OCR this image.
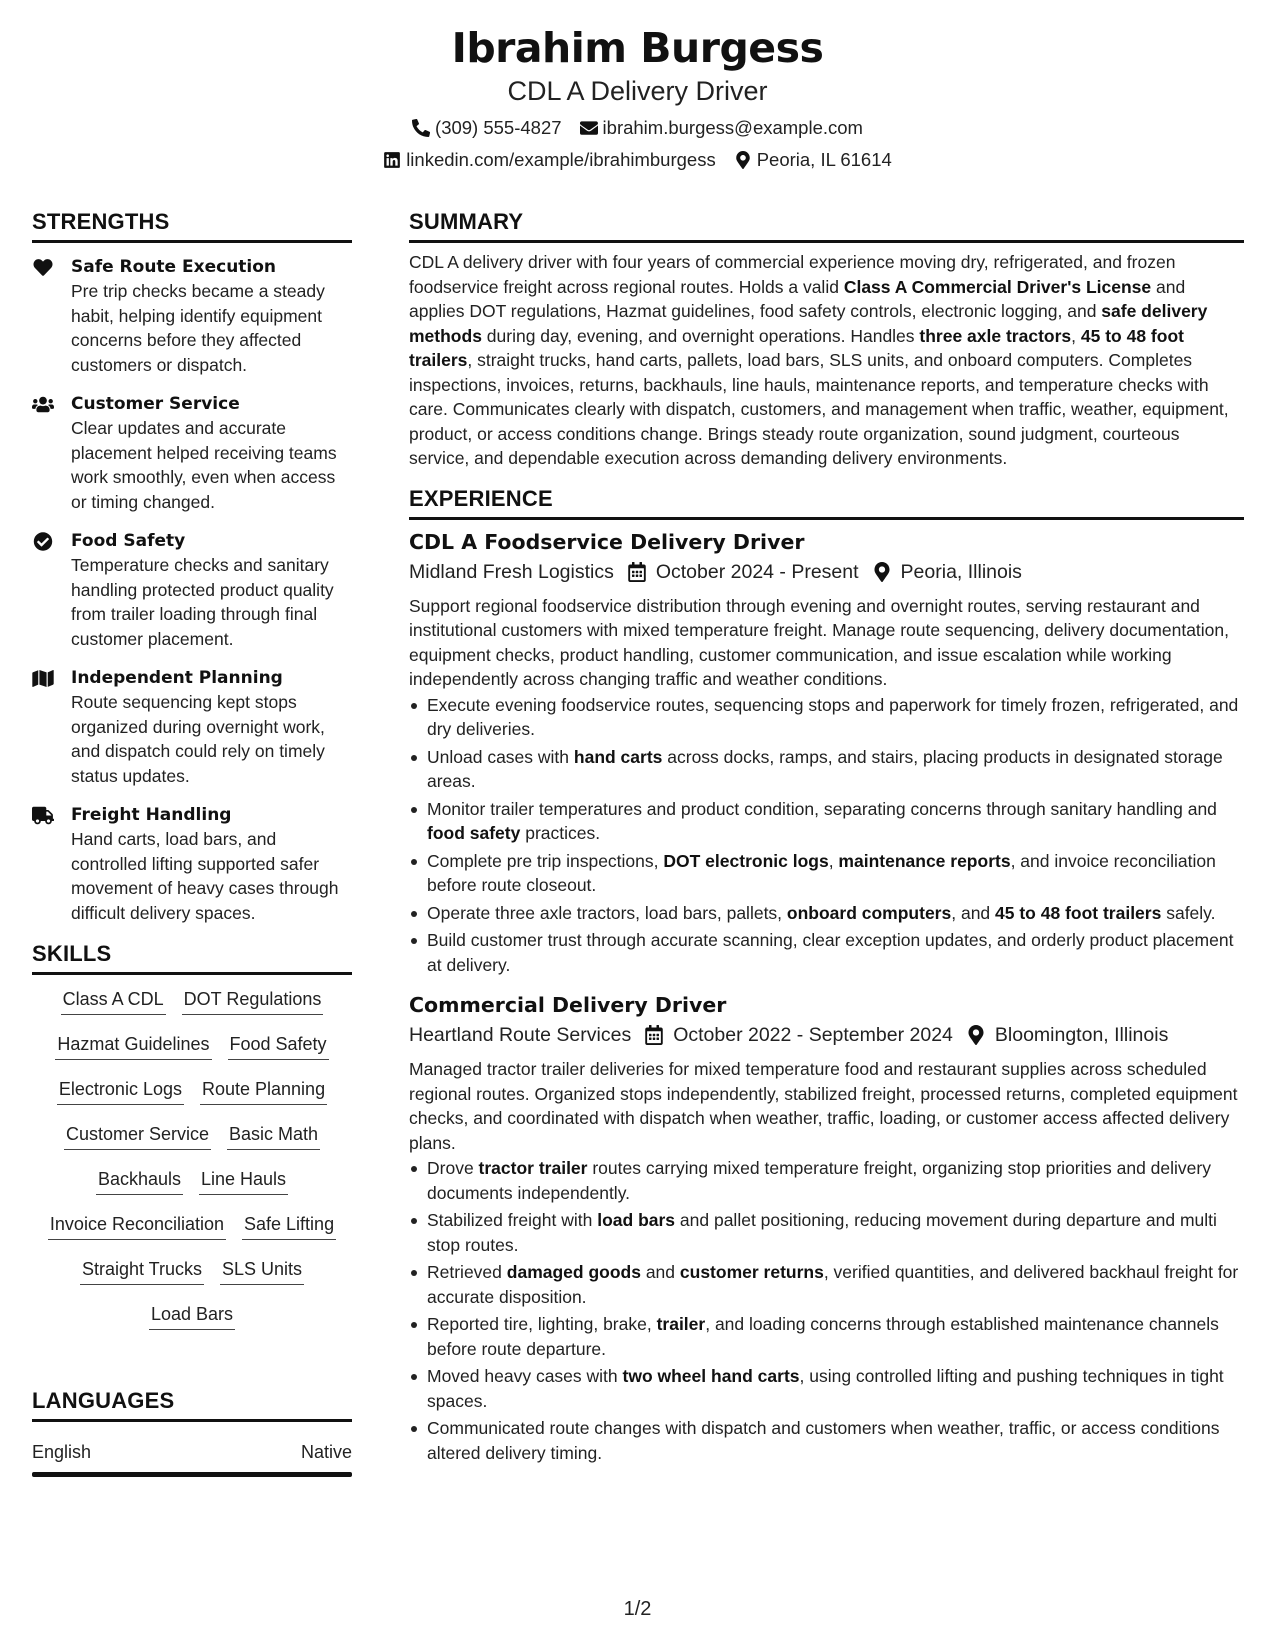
Ibrahim Burgess
CDL A Delivery Driver
(309) 555-4827 ibrahim.burgess@example.com
linkedin.com/example/ibrahimburgess Peoria, IL 61614
STRENGTHS
Safe Route Execution
Pre trip checks became a steady habit, helping identify equipment concerns before they affected customers or dispatch.
Customer Service
Clear updates and accurate placement helped receiving teams work smoothly, even when access or timing changed.
Food Safety
Temperature checks and sanitary handling protected product quality from trailer loading through final customer placement.
Independent Planning
Route sequencing kept stops organized during overnight work, and dispatch could rely on timely status updates.
Freight Handling
Hand carts, load bars, and controlled lifting supported safer movement of heavy cases through difficult delivery spaces.
SKILLS
Class A CDL DOT Regulations
Hazmat Guidelines Food Safety
Electronic Logs Route Planning
Customer Service Basic Math
Backhauls Line Hauls
Invoice Reconciliation Safe Lifting
Straight Trucks SLS Units
Load Bars
LANGUAGES
English	Native
SUMMARY
CDL A delivery driver with four years of commercial experience moving dry, refrigerated, and frozen foodservice freight across regional routes. Holds a valid Class A Commercial Driver's License and applies DOT regulations, Hazmat guidelines, food safety controls, electronic logging, and safe delivery methods during day, evening, and overnight operations. Handles three axle tractors, 45 to 48 foot trailers, straight trucks, hand carts, pallets, load bars, SLS units, and onboard computers. Completes inspections, invoices, returns, backhauls, line hauls, maintenance reports, and temperature checks with care. Communicates clearly with dispatch, customers, and management when traffic, weather, equipment, product, or access conditions change. Brings steady route organization, sound judgment, courteous service, and dependable execution across demanding delivery environments.
EXPERIENCE
CDL A Foodservice Delivery Driver
Midland Fresh Logistics October 2024 - Present Peoria, Illinois
Support regional foodservice distribution through evening and overnight routes, serving restaurant and institutional customers with mixed temperature freight. Manage route sequencing, delivery documentation, equipment checks, product handling, customer communication, and issue escalation while working independently across changing traffic and weather conditions.
Execute evening foodservice routes, sequencing stops and paperwork for timely frozen, refrigerated, and dry deliveries.
Unload cases with hand carts across docks, ramps, and stairs, placing products in designated storage areas.
Monitor trailer temperatures and product condition, separating concerns through sanitary handling and food safety practices.
Complete pre trip inspections, DOT electronic logs, maintenance reports, and invoice reconciliation before route closeout.
Operate three axle tractors, load bars, pallets, onboard computers, and 45 to 48 foot trailers safely.
Build customer trust through accurate scanning, clear exception updates, and orderly product placement at delivery.
Commercial Delivery Driver
Heartland Route Services October 2022 - September 2024 Bloomington, Illinois
Managed tractor trailer deliveries for mixed temperature food and restaurant supplies across scheduled regional routes. Organized stops independently, stabilized freight, processed returns, completed equipment checks, and coordinated with dispatch when weather, traffic, loading, or customer access affected delivery plans.
Drove tractor trailer routes carrying mixed temperature freight, organizing stop priorities and delivery documents independently.
Stabilized freight with load bars and pallet positioning, reducing movement during departure and multi stop routes.
Retrieved damaged goods and customer returns, verified quantities, and delivered backhaul freight for accurate disposition.
Reported tire, lighting, brake, trailer, and loading concerns through established maintenance channels before route departure.
Moved heavy cases with two wheel hand carts, using controlled lifting and pushing techniques in tight spaces.
Communicated route changes with dispatch and customers when weather, traffic, or access conditions altered delivery timing.
1/2
